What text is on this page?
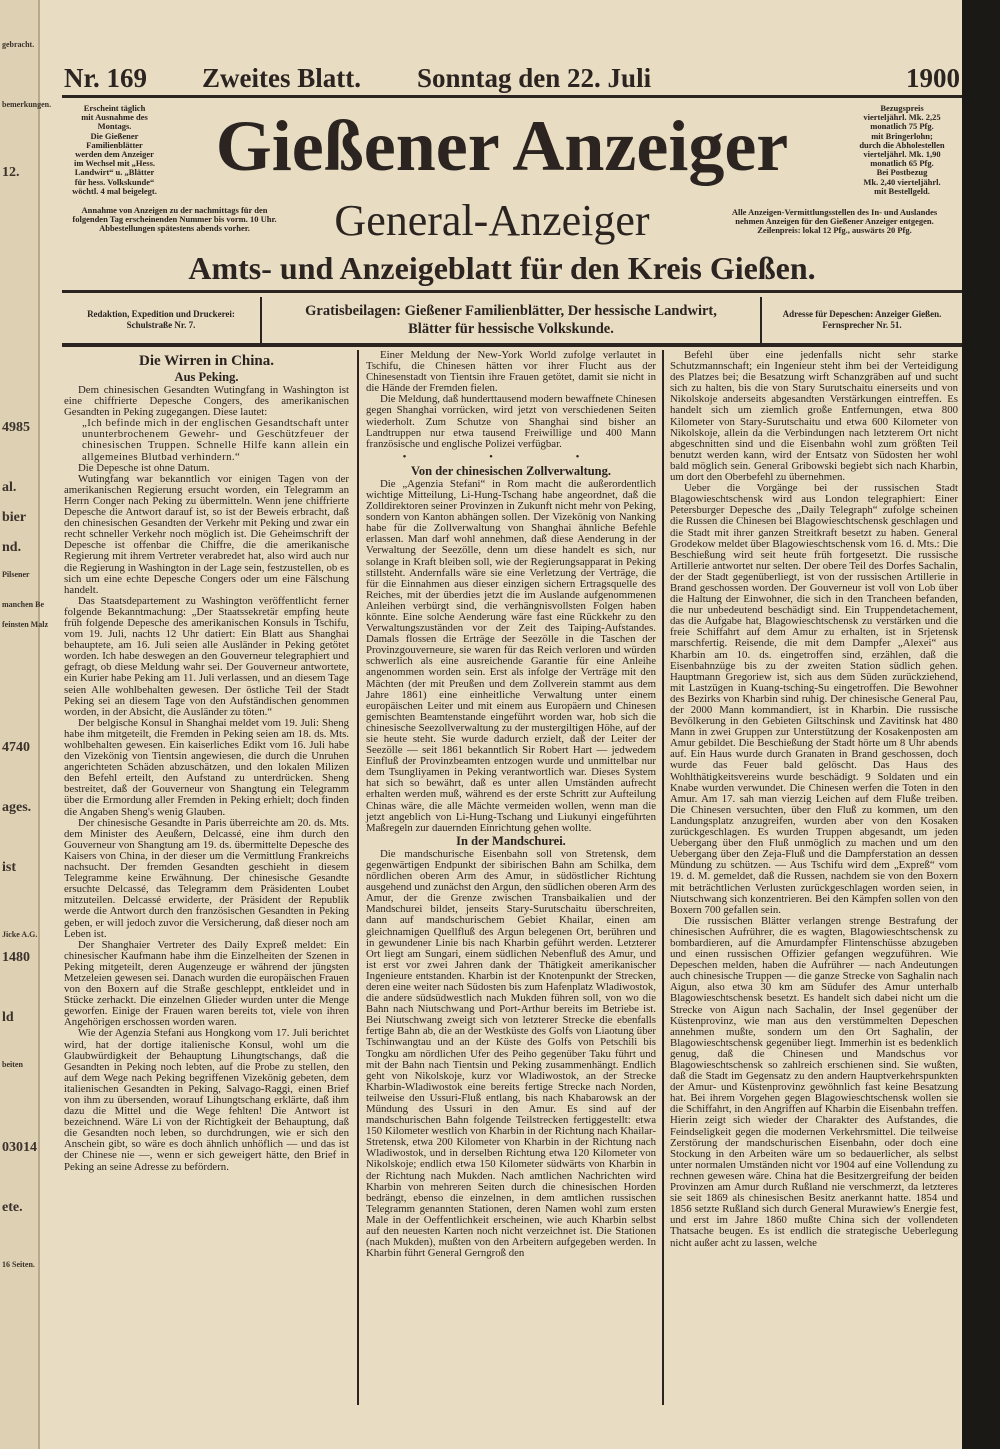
gebracht.
bemerkungen.
12.
4985
al.
bier
nd.
Pilsener
manchen Be
feinsten Malz
4740
ages.
ist
Jicke A.G.
1480
ld
beiten
03014
ete.
16 Seiten.
Nr. 169 Zweites Blatt. Sonntag den 22. Juli	1900
Erscheint täglich
mit Ausnahme des
Montags.
Die Gießener
Familienblätter
werden dem Anzeiger
im Wechsel mit „Hess.
Landwirt“ u. „Blätter
für hess. Volkskunde“
wöchtl. 4 mal beigelegt.
Gießener Anzeiger	Bezugspreis
vierteljährl. Mk. 2,25
monatlich 75 Pfg.
mit Bringerlohn;
durch die Abholestellen
vierteljährl. Mk. 1,90
monatlich 65 Pfg.
Bei Postbezug
Mk. 2,40 vierteljährl.
mit Bestellgeld.
Annahme von Anzeigen zu der nachmittags für den
folgenden Tag erscheinenden Nummer bis vorm. 10 Uhr.
Abbestellungen spätestens abends vorher.	General-Anzeiger	Alle Anzeigen-Vermittlungsstellen des In- und Auslandes
nehmen Anzeigen für den Gießener Anzeiger entgegen.
Zeilenpreis: lokal 12 Pfg., auswärts 20 Pfg.
Amts- und Anzeigeblatt für den Kreis Gießen.
Redaktion, Expedition und Druckerei:
Schulstraße Nr. 7.
Gratisbeilagen: Gießener Familienblätter, Der hessische Landwirt,
Blätter für hessische Volkskunde.
Adresse für Depeschen: Anzeiger Gießen.
Fernsprecher Nr. 51.
Die Wirren in China.
Aus Peking.

Dem chinesischen Gesandten Wutingfang in Washington ist eine chiffrierte Depesche Congers, des amerikanischen Gesandten in Peking zugegangen. Diese lautet:

„Ich befinde mich in der englischen Gesandtschaft unter ununterbrochenem Gewehr- und Geschützfeuer der chinesischen Truppen. Schnelle Hilfe kann allein ein allgemeines Blutbad verhindern.“

Die Depesche ist ohne Datum.

Wutingfang war bekanntlich vor einigen Tagen von der amerikanischen Regierung ersucht worden, ein Telegramm an Herrn Conger nach Peking zu übermitteln. Wenn jene chiffrierte Depesche die Antwort darauf ist, so ist der Beweis erbracht, daß den chinesischen Gesandten der Verkehr mit Peking und zwar ein recht schneller Verkehr noch möglich ist. Die Geheimschrift der Depesche ist offenbar die Chiffre, die die amerikanische Regierung mit ihrem Vertreter verabredet hat, also wird auch nur die Regierung in Washington in der Lage sein, festzustellen, ob es sich um eine echte Depesche Congers oder um eine Fälschung handelt.

Das Staatsdepartement zu Washington veröffentlicht ferner folgende Bekanntmachung: „Der Staatssekretär empfing heute früh folgende Depesche des amerikanischen Konsuls in Tschifu, vom 19. Juli, nachts 12 Uhr datiert: Ein Blatt aus Shanghai behauptete, am 16. Juli seien alle Ausländer in Peking getötet worden. Ich habe deswegen an den Gouverneur telegraphiert und gefragt, ob diese Meldung wahr sei. Der Gouverneur antwortete, ein Kurier habe Peking am 11. Juli verlassen, und an diesem Tage seien Alle wohlbehalten gewesen. Der östliche Teil der Stadt Peking sei an diesem Tage von den Aufständischen genommen worden, in der Absicht, die Ausländer zu töten.“

Der belgische Konsul in Shanghai meldet vom 19. Juli: Sheng habe ihm mitgeteilt, die Fremden in Peking seien am 18. ds. Mts. wohlbehalten gewesen. Ein kaiserliches Edikt vom 16. Juli habe den Vizekönig von Tientsin angewiesen, die durch die Unruhen angerichteten Schäden abzuschätzen, und den lokalen Milizen den Befehl erteilt, den Aufstand zu unterdrücken. Sheng bestreitet, daß der Gouverneur von Shangtung ein Telegramm über die Ermordung aller Fremden in Peking erhielt; doch finden die Angaben Sheng's wenig Glauben.

Der chinesische Gesandte in Paris überreichte am 20. ds. Mts. dem Minister des Aeußern, Delcassé, eine ihm durch den Gouverneur von Shangtung am 19. ds. übermittelte Depesche des Kaisers von China, in der dieser um die Vermittlung Frankreichs nachsucht. Der fremden Gesandten geschieht in diesem Telegramme keine Erwähnung. Der chinesische Gesandte ersuchte Delcassé, das Telegramm dem Präsidenten Loubet mitzuteilen. Delcassé erwiderte, der Präsident der Republik werde die Antwort durch den französischen Gesandten in Peking geben, er will jedoch zuvor die Versicherung, daß dieser noch am Leben ist.

Der Shanghaier Vertreter des Daily Expreß meldet: Ein chinesischer Kaufmann habe ihm die Einzelheiten der Szenen in Peking mitgeteilt, deren Augenzeuge er während der jüngsten Metzeleien gewesen sei. Danach wurden die europäischen Frauen von den Boxern auf die Straße geschleppt, entkleidet und in Stücke zerhackt. Die einzelnen Glieder wurden unter die Menge geworfen. Einige der Frauen waren bereits tot, viele von ihren Angehörigen erschossen worden waren.

Wie der Agenzia Stefani aus Hongkong vom 17. Juli berichtet wird, hat der dortige italienische Konsul, wohl um die Glaubwürdigkeit der Behauptung Lihungtschangs, daß die Gesandten in Peking noch lebten, auf die Probe zu stellen, den auf dem Wege nach Peking begriffenen Vizekönig gebeten, dem italienischen Gesandten in Peking, Salvago-Raggi, einen Brief von ihm zu übersenden, worauf Lihungtschang erklärte, daß ihm dazu die Mittel und die Wege fehlten! Die Antwort ist bezeichnend. Wäre Li von der Richtigkeit der Behauptung, daß die Gesandten noch leben, so durchdrungen, wie er sich den Anschein gibt, so wäre es doch ähnlich unhöflich — und das ist der Chinese nie —, wenn er sich geweigert hätte, den Brief in Peking an seine Adresse zu befördern.

Einer Meldung der New-York World zufolge verlautet in Tschifu, die Chinesen hätten vor ihrer Flucht aus der Chinesenstadt von Tientsin ihre Frauen getötet, damit sie nicht in die Hände der Fremden fielen.

Die Meldung, daß hunderttausend modern bewaffnete Chinesen gegen Shanghai vorrücken, wird jetzt von verschiedenen Seiten wiederholt. Zum Schutze von Shanghai sind bisher an Landtruppen nur etwa tausend Freiwillige und 400 Mann französische und englische Polizei verfügbar.

• • •
Von der chinesischen Zollverwaltung.

Die „Agenzia Stefani“ in Rom macht die außerordentlich wichtige Mitteilung, Li-Hung-Tschang habe angeordnet, daß die Zolldirektoren seiner Provinzen in Zukunft nicht mehr von Peking, sondern von Kanton abhängen sollen. Der Vizekönig von Nanking habe für die Zollverwaltung von Shanghai ähnliche Befehle erlassen. Man darf wohl annehmen, daß diese Aenderung in der Verwaltung der Seezölle, denn um diese handelt es sich, nur solange in Kraft bleiben soll, wie der Regierungsapparat in Peking stillsteht. Andernfalls wäre sie eine Verletzung der Verträge, die für die Einnahmen aus dieser einzigen sichern Ertragsquelle des Reiches, mit der überdies jetzt die im Auslande aufgenommenen Anleihen verbürgt sind, die verhängnisvollsten Folgen haben könnte. Eine solche Aenderung wäre fast eine Rückkehr zu den Verwaltungszuständen vor der Zeit des Taiping-Aufstandes. Damals flossen die Erträge der Seezölle in die Taschen der Provinzgouverneure, sie waren für das Reich verloren und würden schwerlich als eine ausreichende Garantie für eine Anleihe angenommen worden sein. Erst als infolge der Verträge mit den Mächten (der mit Preußen und dem Zollverein stammt aus dem Jahre 1861) eine einheitliche Verwaltung unter einem europäischen Leiter und mit einem aus Europäern und Chinesen gemischten Beamtenstande eingeführt worden war, hob sich die chinesische Seezollverwaltung zu der mustergiltigen Höhe, auf der sie heute steht. Sie wurde dadurch erzielt, daß der Leiter der Seezölle — seit 1861 bekanntlich Sir Robert Hart — jedwedem Einfluß der Provinzbeamten entzogen wurde und unmittelbar nur dem Tsungliyamen in Peking verantwortlich war. Dieses System hat sich so bewährt, daß es unter allen Umständen aufrecht erhalten werden muß, während es der erste Schritt zur Aufteilung Chinas wäre, die alle Mächte vermeiden wollen, wenn man die jetzt angeblich von Li-Hung-Tschang und Liukunyi eingeführten Maßregeln zur dauernden Einrichtung gehen wollte.

In der Mandschurei.

Die mandschurische Eisenbahn soll von Stretensk, dem gegenwärtigen Endpunkt der sibirischen Bahn am Schilka, dem nördlichen oberen Arm des Amur, in südöstlicher Richtung ausgehend und zunächst den Argun, den südlichen oberen Arm des Amur, der die Grenze zwischen Transbaikalien und der Mandschurei bildet, jenseits Stary-Surutschaitu überschreiten, dann auf mandschurischem Gebiet Khailar, einen am gleichnamigen Quellfluß des Argun belegenen Ort, berühren und in gewundener Linie bis nach Kharbin geführt werden. Letzterer Ort liegt am Sungari, einem südlichen Nebenfluß des Amur, und ist erst vor zwei Jahren dank der Thätigkeit amerikanischer Ingenieure entstanden. Kharbin ist der Knotenpunkt der Strecken, deren eine weiter nach Südosten bis zum Hafenplatz Wladiwostok, die andere südsüdwestlich nach Mukden führen soll, von wo die Bahn nach Niutschwang und Port-Arthur bereits im Betriebe ist. Bei Niutschwang zweigt sich von letzterer Strecke die ebenfalls fertige Bahn ab, die an der Westküste des Golfs von Liaotung über Tschinwangtau und an der Küste des Golfs von Petschili bis Tongku am nördlichen Ufer des Peiho gegenüber Taku führt und mit der Bahn nach Tientsin und Peking zusammenhängt. Endlich geht von Nikolskoje, kurz vor Wladiwostok, an der Strecke Kharbin-Wladiwostok eine bereits fertige Strecke nach Norden, teilweise den Ussuri-Fluß entlang, bis nach Khabarowsk an der Mündung des Ussuri in den Amur. Es sind auf der mandschurischen Bahn folgende Teilstrecken fertiggestellt: etwa 150 Kilometer westlich von Kharbin in der Richtung nach Khailar-Stretensk, etwa 200 Kilometer von Kharbin in der Richtung nach Wladiwostok, und in derselben Richtung etwa 120 Kilometer von Nikolskoje; endlich etwa 150 Kilometer südwärts von Kharbin in der Richtung nach Mukden. Nach amtlichen Nachrichten wird Kharbin von mehreren Seiten durch die chinesischen Horden bedrängt, ebenso die einzelnen, in dem amtlichen russischen Telegramm genannten Stationen, deren Namen wohl zum ersten Male in der Oeffentlichkeit erscheinen, wie auch Kharbin selbst auf den neuesten Karten noch nicht verzeichnet ist. Die Stationen (nach Mukden), mußten von den Arbeitern aufgegeben werden. In Kharbin führt General Gerngroß den

Befehl über eine jedenfalls nicht sehr starke Schutzmannschaft; ein Ingenieur steht ihm bei der Verteidigung des Platzes bei; die Besatzung wirft Schanzgräben auf und sucht sich zu halten, bis die von Stary Surutschaitu einerseits und von Nikolskoje anderseits abgesandten Verstärkungen eintreffen. Es handelt sich um ziemlich große Entfernungen, etwa 800 Kilometer von Stary-Surutschaitu und etwa 600 Kilometer von Nikolskoje, allein da die Verbindungen nach letzterem Ort nicht abgeschnitten sind und die Eisenbahn wohl zum größten Teil benutzt werden kann, wird der Entsatz von Südosten her wohl bald möglich sein. General Gribowski begiebt sich nach Kharbin, um dort den Oberbefehl zu übernehmen.

Ueber die Vorgänge bei der russischen Stadt Blagowieschtschensk wird aus London telegraphiert: Einer Petersburger Depesche des „Daily Telegraph“ zufolge scheinen die Russen die Chinesen bei Blagowieschtschensk geschlagen und die Stadt mit ihrer ganzen Streitkraft besetzt zu haben. General Grodekow meldet über Blagowieschtschensk vom 16. d. Mts.: Die Beschießung wird seit heute früh fortgesetzt. Die russische Artillerie antwortet nur selten. Der obere Teil des Dorfes Sachalin, der der Stadt gegenüberliegt, ist von der russischen Artillerie in Brand geschossen worden. Der Gouverneur ist voll von Lob über die Haltung der Einwohner, die sich in den Trancheen befanden, die nur unbedeutend beschädigt sind. Ein Truppendetachement, das die Aufgabe hat, Blagowieschtschensk zu verstärken und die freie Schiffahrt auf dem Amur zu erhalten, ist in Srjetensk marschfertig. Reisende, die mit dem Dampfer „Alexei“ aus Kharbin am 10. ds. eingetroffen sind, erzählen, daß die Eisenbahnzüge bis zu der zweiten Station südlich gehen. Hauptmann Gregoriew ist, sich aus dem Süden zurückziehend, mit Lastzügen in Kuang-tsching-Su eingetroffen. Die Bewohner des Bezirks von Kharbin sind ruhig. Der chinesische General Pau, der 2000 Mann kommandiert, ist in Kharbin. Die russische Bevölkerung in den Gebieten Giltschinsk und Zavitinsk hat 480 Mann in zwei Gruppen zur Unterstützung der Kosakenposten am Amur gebildet. Die Beschießung der Stadt hörte um 8 Uhr abends auf. Ein Haus wurde durch Granaten in Brand geschossen, doch wurde das Feuer bald gelöscht. Das Haus des Wohlthätigkeitsvereins wurde beschädigt. 9 Soldaten und ein Knabe wurden verwundet. Die Chinesen werfen die Toten in den Amur. Am 17. sah man vierzig Leichen auf dem Fluße treiben. Die Chinesen versuchten, über den Fluß zu kommen, um den Landungsplatz anzugreifen, wurden aber von den Kosaken zurückgeschlagen. Es wurden Truppen abgesandt, um jeden Uebergang über den Fluß unmöglich zu machen und um den Uebergang über den Zeja-Fluß und die Dampferstation an dessen Mündung zu schützen. — Aus Tschifu wird dem „Expreß“ vom 19. d. M. gemeldet, daß die Russen, nachdem sie von den Boxern mit beträchtlichen Verlusten zurückgeschlagen worden seien, in Niutschwang sich konzentrieren. Bei den Kämpfen sollen von den Boxern 700 gefallen sein.

Die russischen Blätter verlangen strenge Bestrafung der chinesischen Aufrührer, die es wagten, Blagowieschtschensk zu bombardieren, auf die Amurdampfer Flintenschüsse abzugeben und einen russischen Offizier gefangen wegzuführen. Wie Depeschen melden, haben die Aufrührer — nach Andeutungen auch chinesische Truppen — die ganze Strecke von Saghalin nach Aigun, also etwa 30 km am Südufer des Amur unterhalb Blagowieschtschensk besetzt. Es handelt sich dabei nicht um die Strecke von Aigun nach Sachalin, der Insel gegenüber der Küstenprovinz, wie man aus den verstümmelten Depeschen annehmen mußte, sondern um den Ort Saghalin, der Blagowieschtschensk gegenüber liegt. Immerhin ist es bedenklich genug, daß die Chinesen und Mandschus vor Blagowieschtschensk so zahlreich erschienen sind. Sie wußten, daß die Stadt im Gegensatz zu den andern Hauptverkehrspunkten der Amur- und Küstenprovinz gewöhnlich fast keine Besatzung hat. Bei ihrem Vorgehen gegen Blagowieschtschensk wollen sie die Schiffahrt, in den Angriffen auf Kharbin die Eisenbahn treffen. Hierin zeigt sich wieder der Charakter des Aufstandes, die Feindseligkeit gegen die modernen Verkehrsmittel. Die teilweise Zerstörung der mandschurischen Eisenbahn, oder doch eine Stockung in den Arbeiten wäre um so bedauerlicher, als selbst unter normalen Umständen nicht vor 1904 auf eine Vollendung zu rechnen gewesen wäre. China hat die Besitzergreifung der beiden Provinzen am Amur durch Rußland nie verschmerzt, da letzteres sie seit 1869 als chinesischen Besitz anerkannt hatte. 1854 und 1856 setzte Rußland sich durch General Murawiew's Energie fest, und erst im Jahre 1860 mußte China sich der vollendeten Thatsache beugen. Es ist endlich die strategische Ueberlegung nicht außer acht zu lassen, welche
